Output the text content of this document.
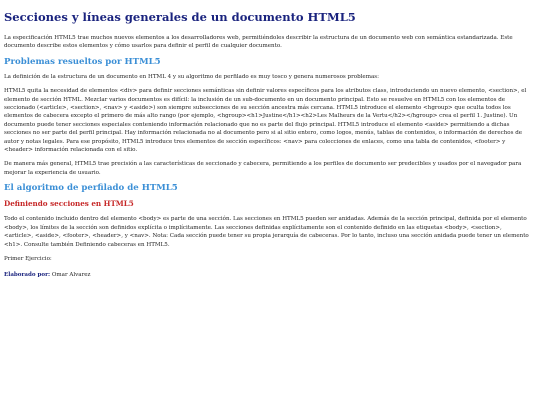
Secciones y líneas generales de un documento HTML5

La especificación HTML5 trae muchos nuevos elementos a los desarrolladores web, permitiéndoles describir la estructura de un documento web con semántica estandarizada. Este documento describe estos elementos y cómo usarlos para definir el perfil de cualquier documento.

Problemas resueltos por HTML5

La definición de la estructura de un documento en HTML 4 y su algoritmo de perfilado es muy tosco y genera numerosos problemas:

HTML5 quita la necesidad de elementos <div> para definir secciones semánticas sin definir valores específicos para los atributos class, introduciendo un nuevo elemento, <section>, el elemento de sección HTML. Mezclar varios documentos es difícil: la inclusión de un sub-documento en un documento principal. Esto se resuelve en HTML5 con los elementos de seccionado (<article>, <section>, <nav> y <aside>) son siempre subsecciones de su sección ancestra más cercana. HTML5 introduce el elemento <hgroup> que oculta todos los elementos de cabecera excepto el primero de más alto rango (por ejemplo, <hgroup><h1>Justine</h1><h2>Les Malheurs de la Vertu</h2></hgroup> crea el perfil 1. Justine). Un documento puede tener secciones especiales conteniendo información relacionado que no es parte del flujo principal. HTML5 introduce el elemento <aside> permitiendo a dichas secciones no ser parte del perfil principal. Hay información relacionada no al documento pero si al sitio entero, como logos, menús, tablas de contenidos, o información de derechos de autor y notas legales. Para ese propósito, HTML5 introduce tres elementos de sección específicos: <nav> para colecciones de enlaces, como una tabla de contenidos, <footer> y <header> información relacionada con el sitio.

De manera más general, HTML5 trae precisión a las características de seccionado y cabecera, permitiendo a los perfiles de documento ser predecibles y usados por el navegador para mejorar la experiencia de usuario.

El algoritmo de perfilado de HTML5
Definiendo secciones en HTML5

Todo el contenido incluido dentro del elemento <body> es parte de una sección. Las secciones en HTML5 pueden ser anidadas. Además de la sección principal, definida por el elemento <body>, los límites de la sección son definidos explícita o implícitamente. Las secciones definidas explícitamente son el contenido definido en las etiquetas <body>, <section>, <article>, <aside>, <footer>, <header>, y <nav>. Nota: Cada sección puede tener su propia jerarquía de cabeceras. Por lo tanto, incluso una sección anidada puede tener un elemento <h1>. Consulte también Definiendo cabeceras en HTML5.

Primer Ejercicio:

Elaborado por: Omar Alvarez
